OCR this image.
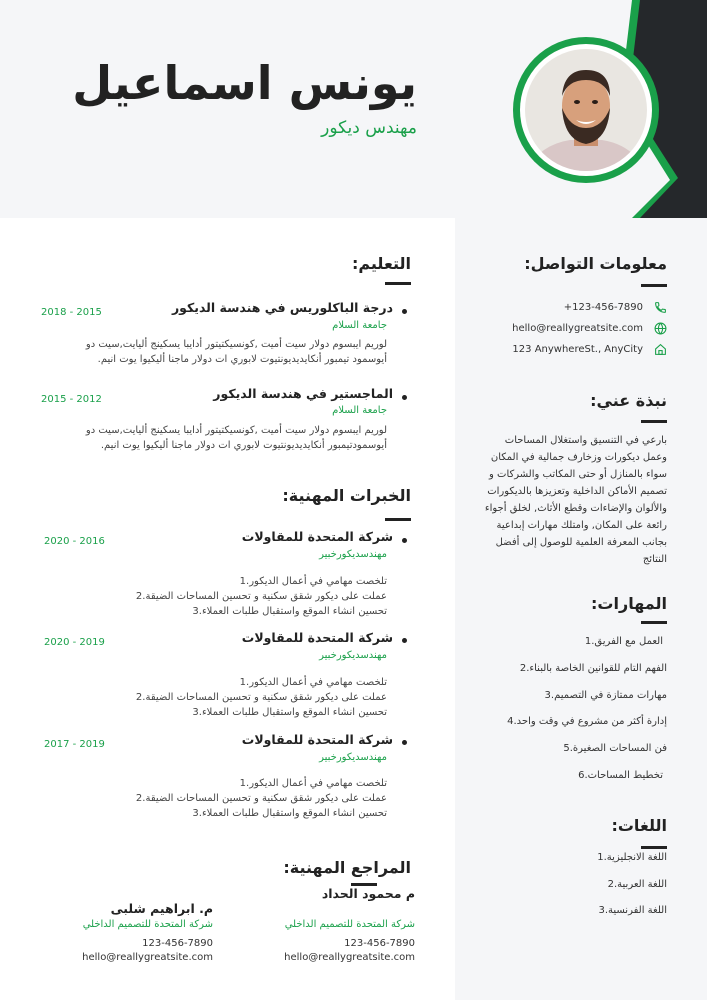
يونس اسماعيل
مهندس ديكور
معلومات التواصل:
+123-456-7890
hello@reallygreatsite.com
123 AnywhereSt., AnyCity
نبذة عني:
بارعي في التنسيق واستغلال المساحات وعمل ديكورات وزخارف جمالية في المكان سواء بالمنازل أو حتى المكاتب والشركات و تصميم الأماكن الداخلية وتعزيزها بالديكورات والألوان والإضاءات وقطع الأثاث, لخلق أجواء رائعة على المكان, وامتلك مهارات إبداعية بجانب المعرفة العلمية للوصول إلى أفضل النتائج
المهارات:
العمل مع الفريق.1
الفهم التام للقوانين الخاصة بالبناء.2
مهارات ممتازة في التصميم.3
إدارة أكثر من مشروع في وقت واحد.4
فن المساحات الصغيرة.5
تخطيط المساحات.6
اللغات:
اللغة الانجليزية.1
اللغة العربية.2
اللغة الفرنسية.3
التعليم:
درجة الباكلوريس في هندسة الديكور
جامعة السلام
2018 - 2015
لوريم ايبسوم دولار سيت أميت ,كونسيكتيتور أدايبا يسكينج أليايت,سيت دو
أيوسمود تيمبور أنكايديديونتيوت لابوري ات دولار ماجنا أليكيوا يوت انيم.
الماجستير في هندسة الديكور
جامعة السلام
2015 - 2012
لوريم ايبسوم دولار سيت أميت ,كونسيكتيتور أدايبا يسكينج أليايت,سيت دو
أيوسمودتيمبور أنكايديديونتيوت لابوري ات دولار ماجنا أليكيوا يوت انيم.
الخبرات المهنية:
شركة المتحدة للمقاولات
مهندسديكورخبير
2020 - 2016
تلخصت مهامي في أعمال الديكور.1
عملت على ديكور شقق سكنية و تحسين المساحات الضيقة.2
تحسين انشاء الموقع واستقبال طلبات العملاء.3
شركة المتحدة للمقاولات
مهندسديكورخبير
2020 - 2019
تلخصت مهامي في أعمال الديكور.1
عملت على ديكور شقق سكنية و تحسين المساحات الضيقة.2
تحسين انشاء الموقع واستقبال طلبات العملاء.3
شركة المتحدة للمقاولات
مهندسديكورخبير
2017 - 2019
تلخصت مهامي في أعمال الديكور.1
عملت على ديكور شقق سكنية و تحسين المساحات الضيقة.2
تحسين انشاء الموقع واستقبال طلبات العملاء.3
المراجع المهنية:
م محمود الحداد
شركة المتحدة للتصميم الداخلي
123-456-7890
hello@reallygreatsite.com
م. ابراهيم شلبى
شركة المتحدة للتصميم الداخلي
123-456-7890
hello@reallygreatsite.com
